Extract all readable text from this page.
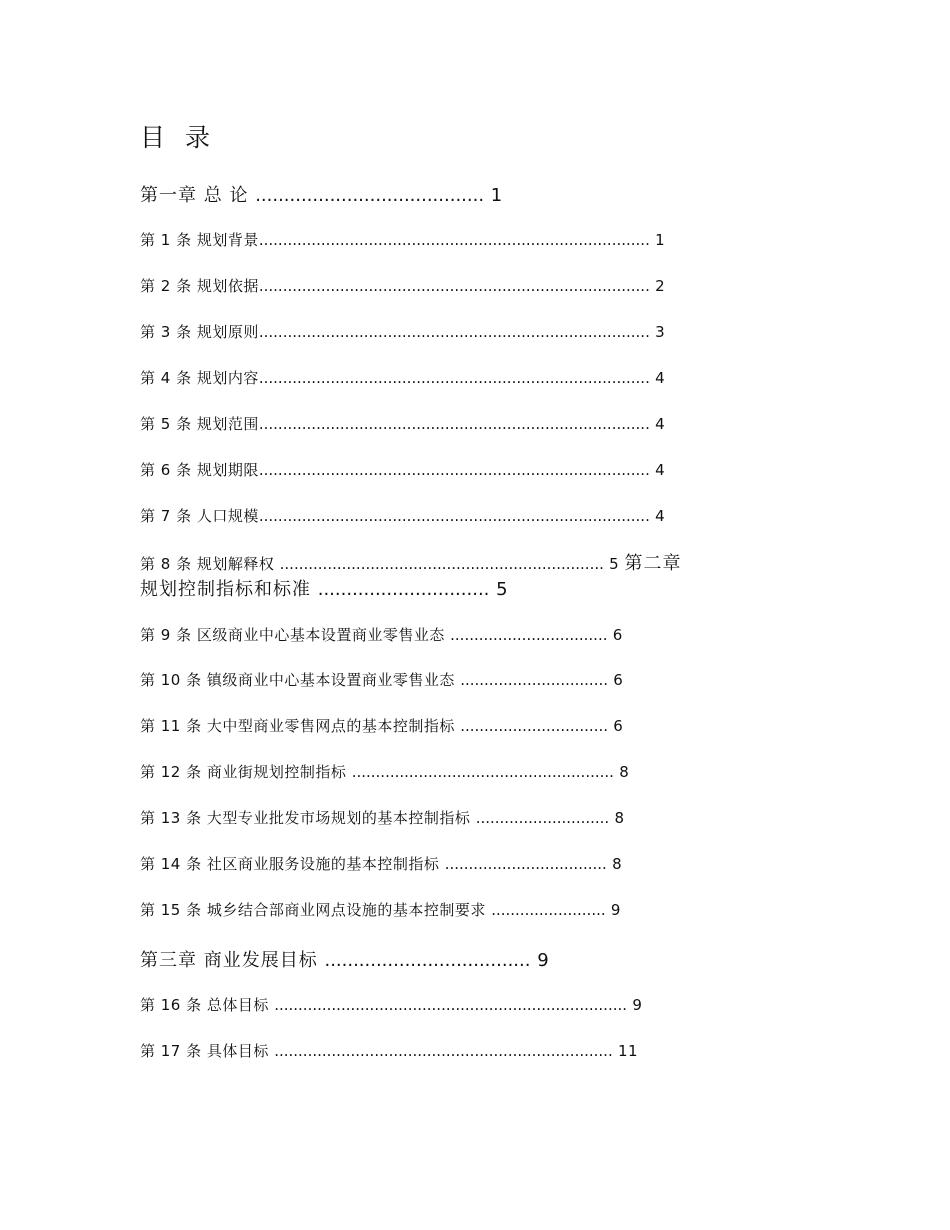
目 录
第一章 总 论 ........................................ 1
第 1 条 规划背景.................................................................................. 1
第 2 条 规划依据.................................................................................. 2
第 3 条 规划原则.................................................................................. 3
第 4 条 规划内容.................................................................................. 4
第 5 条 规划范围.................................................................................. 4
第 6 条 规划期限.................................................................................. 4
第 7 条 人口规模.................................................................................. 4
第 8 条 规划解释权 .................................................................... 5 第二章
规划控制指标和标准 .............................. 5
第 9 条 区级商业中心基本设置商业零售业态 ................................. 6
第 10 条 镇级商业中心基本设置商业零售业态 ............................... 6
第 11 条 大中型商业零售网点的基本控制指标 ............................... 6
第 12 条 商业街规划控制指标 ....................................................... 8
第 13 条 大型专业批发市场规划的基本控制指标 ............................ 8
第 14 条 社区商业服务设施的基本控制指标 .................................. 8
第 15 条 城乡结合部商业网点设施的基本控制要求 ........................ 9
第三章 商业发展目标 .................................... 9
第 16 条 总体目标 .......................................................................... 9
第 17 条 具体目标 ....................................................................... 11
